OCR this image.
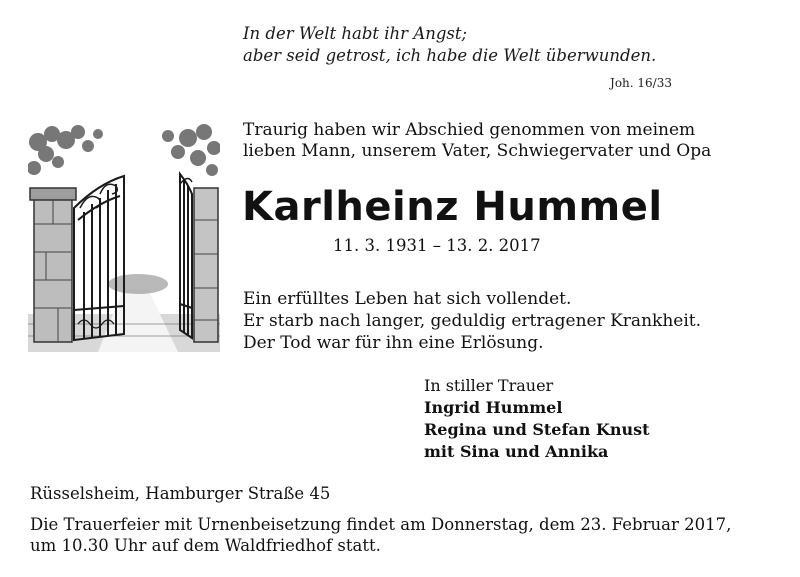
In der Welt habt ihr Angst;
aber seid getrost, ich habe die Welt überwunden.
Joh. 16/33
Traurig haben wir Abschied genommen von meinem
lieben Mann, unserem Vater, Schwiegervater und Opa
Karlheinz Hummel
11. 3. 1931 – 13. 2. 2017
Ein erfülltes Leben hat sich vollendet.
Er starb nach langer, geduldig ertragener Krankheit.
Der Tod war für ihn eine Erlösung.
In stiller Trauer
Ingrid Hummel
Regina und Stefan Knust
mit Sina und Annika
Rüsselsheim, Hamburger Straße 45
Die Trauerfeier mit Urnenbeisetzung findet am Donnerstag, dem 23. Februar 2017,
um 10.30 Uhr auf dem Waldfriedhof statt.
